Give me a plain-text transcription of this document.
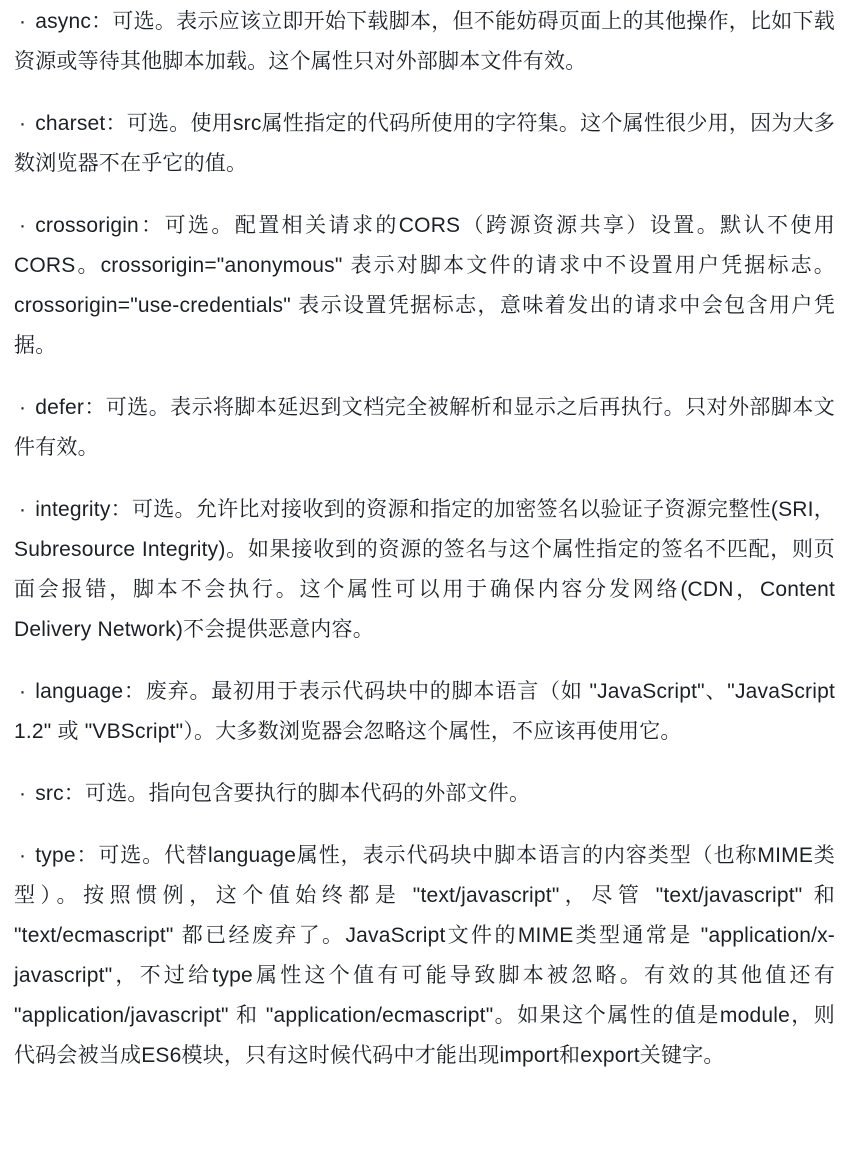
· async：可选。表示应该立即开始下载脚本，但不能妨碍页面上的其他操作，比如下载资源或等待其他脚本加载。这个属性只对外部脚本文件有效。

· charset：可选。使用src属性指定的代码所使用的字符集。这个属性很少用，因为大多数浏览器不在乎它的值。

· crossorigin：可选。配置相关请求的CORS（跨源资源共享）设置。默认不使用CORS。crossorigin="anonymous" 表示对脚本文件的请求中不设置用户凭据标志。crossorigin="use-credentials" 表示设置凭据标志，意味着发出的请求中会包含用户凭据。

· defer：可选。表示将脚本延迟到文档完全被解析和显示之后再执行。只对外部脚本文件有效。

· integrity：可选。允许比对接收到的资源和指定的加密签名以验证子资源完整性(SRI，Subresource Integrity)。如果接收到的资源的签名与这个属性指定的签名不匹配，则页面会报错，脚本不会执行。这个属性可以用于确保内容分发网络(CDN，Content Delivery Network)不会提供恶意内容。

· language：废弃。最初用于表示代码块中的脚本语言（如 "JavaScript"、"JavaScript 1.2" 或 "VBScript"）。大多数浏览器会忽略这个属性，不应该再使用它。

· src：可选。指向包含要执行的脚本代码的外部文件。

· type：可选。代替language属性，表示代码块中脚本语言的内容类型（也称MIME类型）。按照惯例，这个值始终都是 "text/javascript"，尽管 "text/javascript" 和 "text/ecmascript" 都已经废弃了。JavaScript文件的MIME类型通常是 "application/x-javascript"，不过给type属性这个值有可能导致脚本被忽略。有效的其他值还有 "application/javascript" 和 "application/ecmascript"。如果这个属性的值是module，则代码会被当成ES6模块，只有这时候代码中才能出现import和export关键字。
